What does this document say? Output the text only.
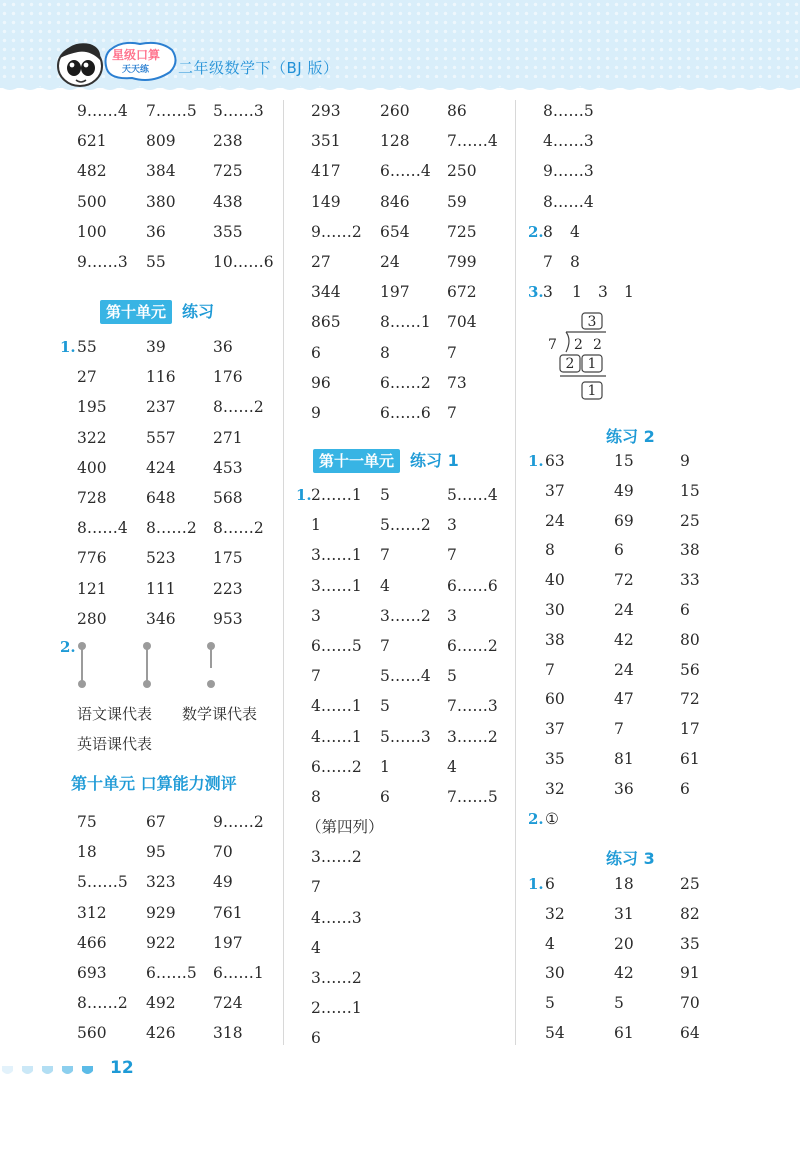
星级口算
天天练 二年级数学下（BJ 版）
9……4 7……5 5……3
621	809 238
482	384 725
500	380 438
100	36	355
9……3 55	10……6
第十单元 练习
1. 55	39	36
27	116 176
195	237 8……2
322	557 271
400	424 453
728	648 568
8……4 8……2 8……2
776	523 175
121	111 223
280	346 953
2.
语文课代表 数学课代表
英语课代表
第十单元 口算能力测评
75	67	9……2
18	95	70
5……5 323 49
312	929 761
466	922 197
693	6……5 6……1
8……2 492 724
560	426 318
293	260 86
351	128 7……4
417	6……4 250
149	846 59
9……2 654 725
27	24	799
344	197 672
865	8……1 704
6	8	7
96	6……2 73
9	6……6 7
第十一单元 练习 1
1. 2……1 5	5……4
1	5……2 3
3……1 7	7
3……1 4	6……6
3	3……2 3
6……5 7	6……2
7	5……4 5
4……1 5	7……3
4……1 5……3 3……2
6……2 1	4
8	6	7……5
（第四列）
3……2
7
4……3
4
3……2
2……1
6
8……5
4……3
9……3
8……4
2. 8 4
7 8
3. 3 1 3 1
3
7 2 2
2 1
1
练习 2
1. 63	15	9
37	49	15
24	69	25
8	6	38
40	72	33
30	24	6
38	42	80
7	24	56
60	47	72
37	7	17
35	81	61
32	36	6
2. ①
练习 3
1. 6	18	25
32	31	82
4	20	35
30	42	91
5	5	70
54	61	64
12
